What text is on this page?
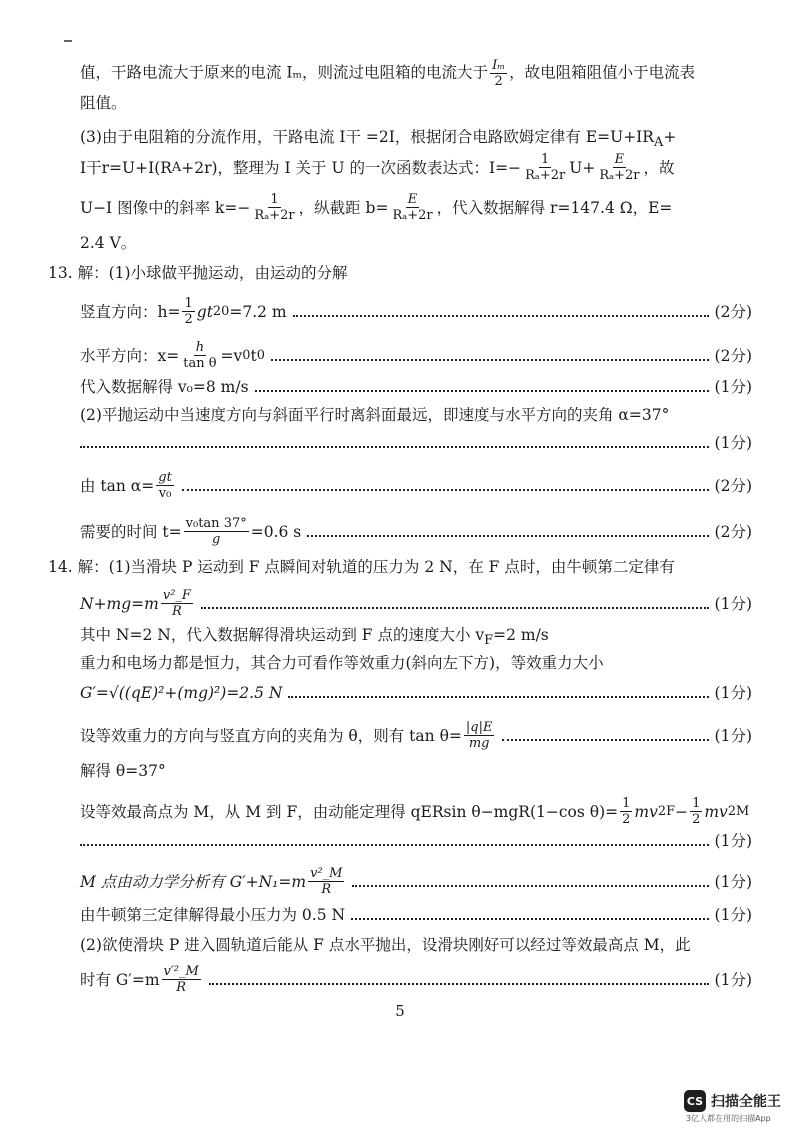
值，干路电流大于原来的电流 Iₘ，则流过电阻箱的电流大于 $\frac{\text{Iₘ}}{2}$ ，故电阻箱阻值小于电流表
阻值。
(3)由于电阻箱的分流作用，干路电流 I干 =2I，根据闭合电路欧姆定律有 $E=U+IR_A+$
I干r=U+I(R A +2r)，整理为 I 关于 U 的一次函数表达式：$I=- \frac{1}{\text{Rₐ+2r}} U+ \frac{E}{\text{Rₐ+2r}}$ ，故
U−I 图像中的斜率 $k=- \frac{1}{\text{Rₐ+2r}}$ ，纵截距 $b= \frac{E}{\text{Rₐ+2r}}$ ，代入数据解得 r=147.4 Ω，E=
2.4 V。
13. 解：(1)小球做平抛运动，由运动的分解
竖直方向：$h= \frac{1}{2}$ gt 2 0 =7.2 m	(2分)
水平方向：$x= \frac{h}{\text{tan θ}} =v$ 0 t 0	(2分)
代入数据解得 v₀=8 m/s	(1分)
(2)平抛运动中当速度方向与斜面平行时离斜面最远，即速度与水平方向的夹角 α=37°
(1分)
由 $\tan \alpha= \frac{gt}{\text{v₀}}$	(2分)
需要的时间 $t= \frac{\text{v₀tan 37°}}{g} =0.6$ s	(2分)
14. 解：(1)当滑块 P 运动到 F 点瞬间对轨道的压力为 2 N，在 F 点时，由牛顿第二定律有
$N+mg=m \frac{\text{v²\_F}}{R}$	(1分)
其中 N=2 N，代入数据解得滑块运动到 F 点的速度大小 $v_F=2$ m/s
重力和电场力都是恒力，其合力可看作等效重力(斜向左下方)，等效重力大小
G′=√((qE)²+(mg)²)=2.5 N	(1分)
设等效重力的方向与竖直方向的夹角为 θ，则有 $\tan \theta= \frac{|q|E}{mg}$	(1分)
解得 θ=37°
设等效最高点为 M，从 M 到 F，由动能定理得 qERsin θ−mgR(1−cos $\theta)= \frac{1}{2}$ mv 2 $F - \frac{1}{2}$ mv 2 M
(1分)
M 点由动力学分析有 $G'+N_1=m \frac{\text{v²\_M}}{R}$	(1分)
由牛顿第三定律解得最小压力为 0.5 N	(1分)
(2)欲使滑块 P 进入圆轨道后能从 F 点水平抛出，设滑块刚好可以经过等效最高点 M，此
时有 $G'=m \frac{\text{v′²\_M}}{R}$	(1分)
5
CS 扫描全能王
3亿人都在用的扫描App
